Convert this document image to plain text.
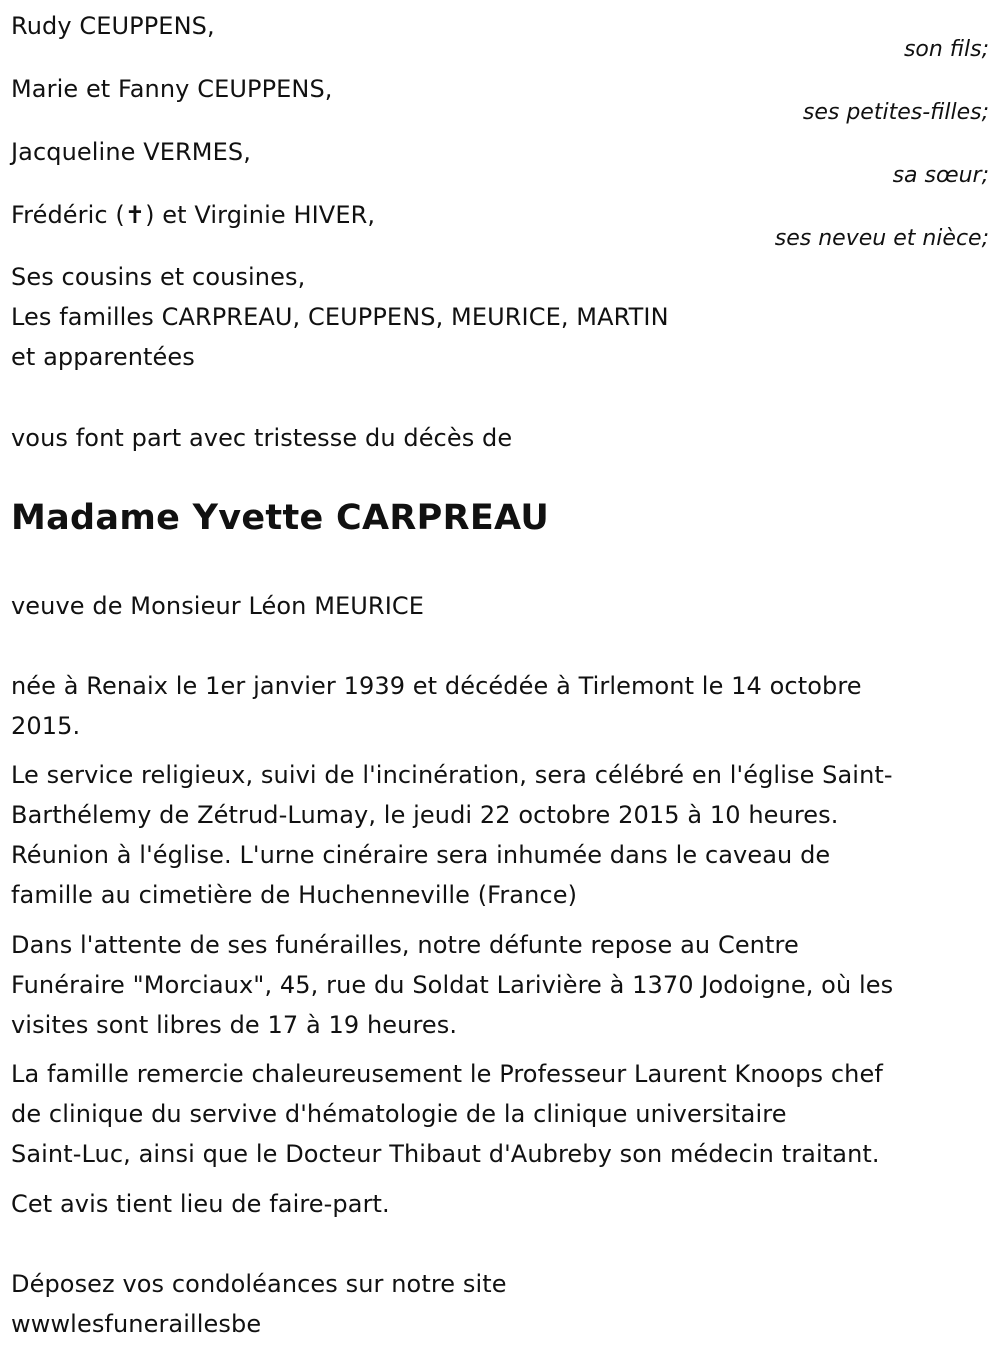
Rudy CEUPPENS,
son fils;
Marie et Fanny CEUPPENS,
ses petites-filles;
Jacqueline VERMES,
sa sœur;
Frédéric (✝) et Virginie HIVER,
ses neveu et nièce;
Ses cousins et cousines,
Les familles CARPREAU, CEUPPENS, MEURICE, MARTIN
et apparentées
vous font part avec tristesse du décès de
Madame Yvette CARPREAU
veuve de Monsieur Léon MEURICE
née à Renaix le 1er janvier 1939 et décédée à Tirlemont le 14 octobre
2015.
Le service religieux, suivi de l'incinération, sera célébré en l'église Saint-
Barthélemy de Zétrud-Lumay, le jeudi 22 octobre 2015 à 10 heures.
Réunion à l'église. L'urne cinéraire sera inhumée dans le caveau de
famille au cimetière de Huchenneville (France)
Dans l'attente de ses funérailles, notre défunte repose au Centre
Funéraire "Morciaux", 45, rue du Soldat Larivière à 1370 Jodoigne, où les
visites sont libres de 17 à 19 heures.
La famille remercie chaleureusement le Professeur Laurent Knoops chef
de clinique du servive d'hématologie de la clinique universitaire
Saint-Luc, ainsi que le Docteur Thibaut d'Aubreby son médecin traitant.
Cet avis tient lieu de faire-part.
Déposez vos condoléances sur notre site
wwwlesfuneraillesbe
